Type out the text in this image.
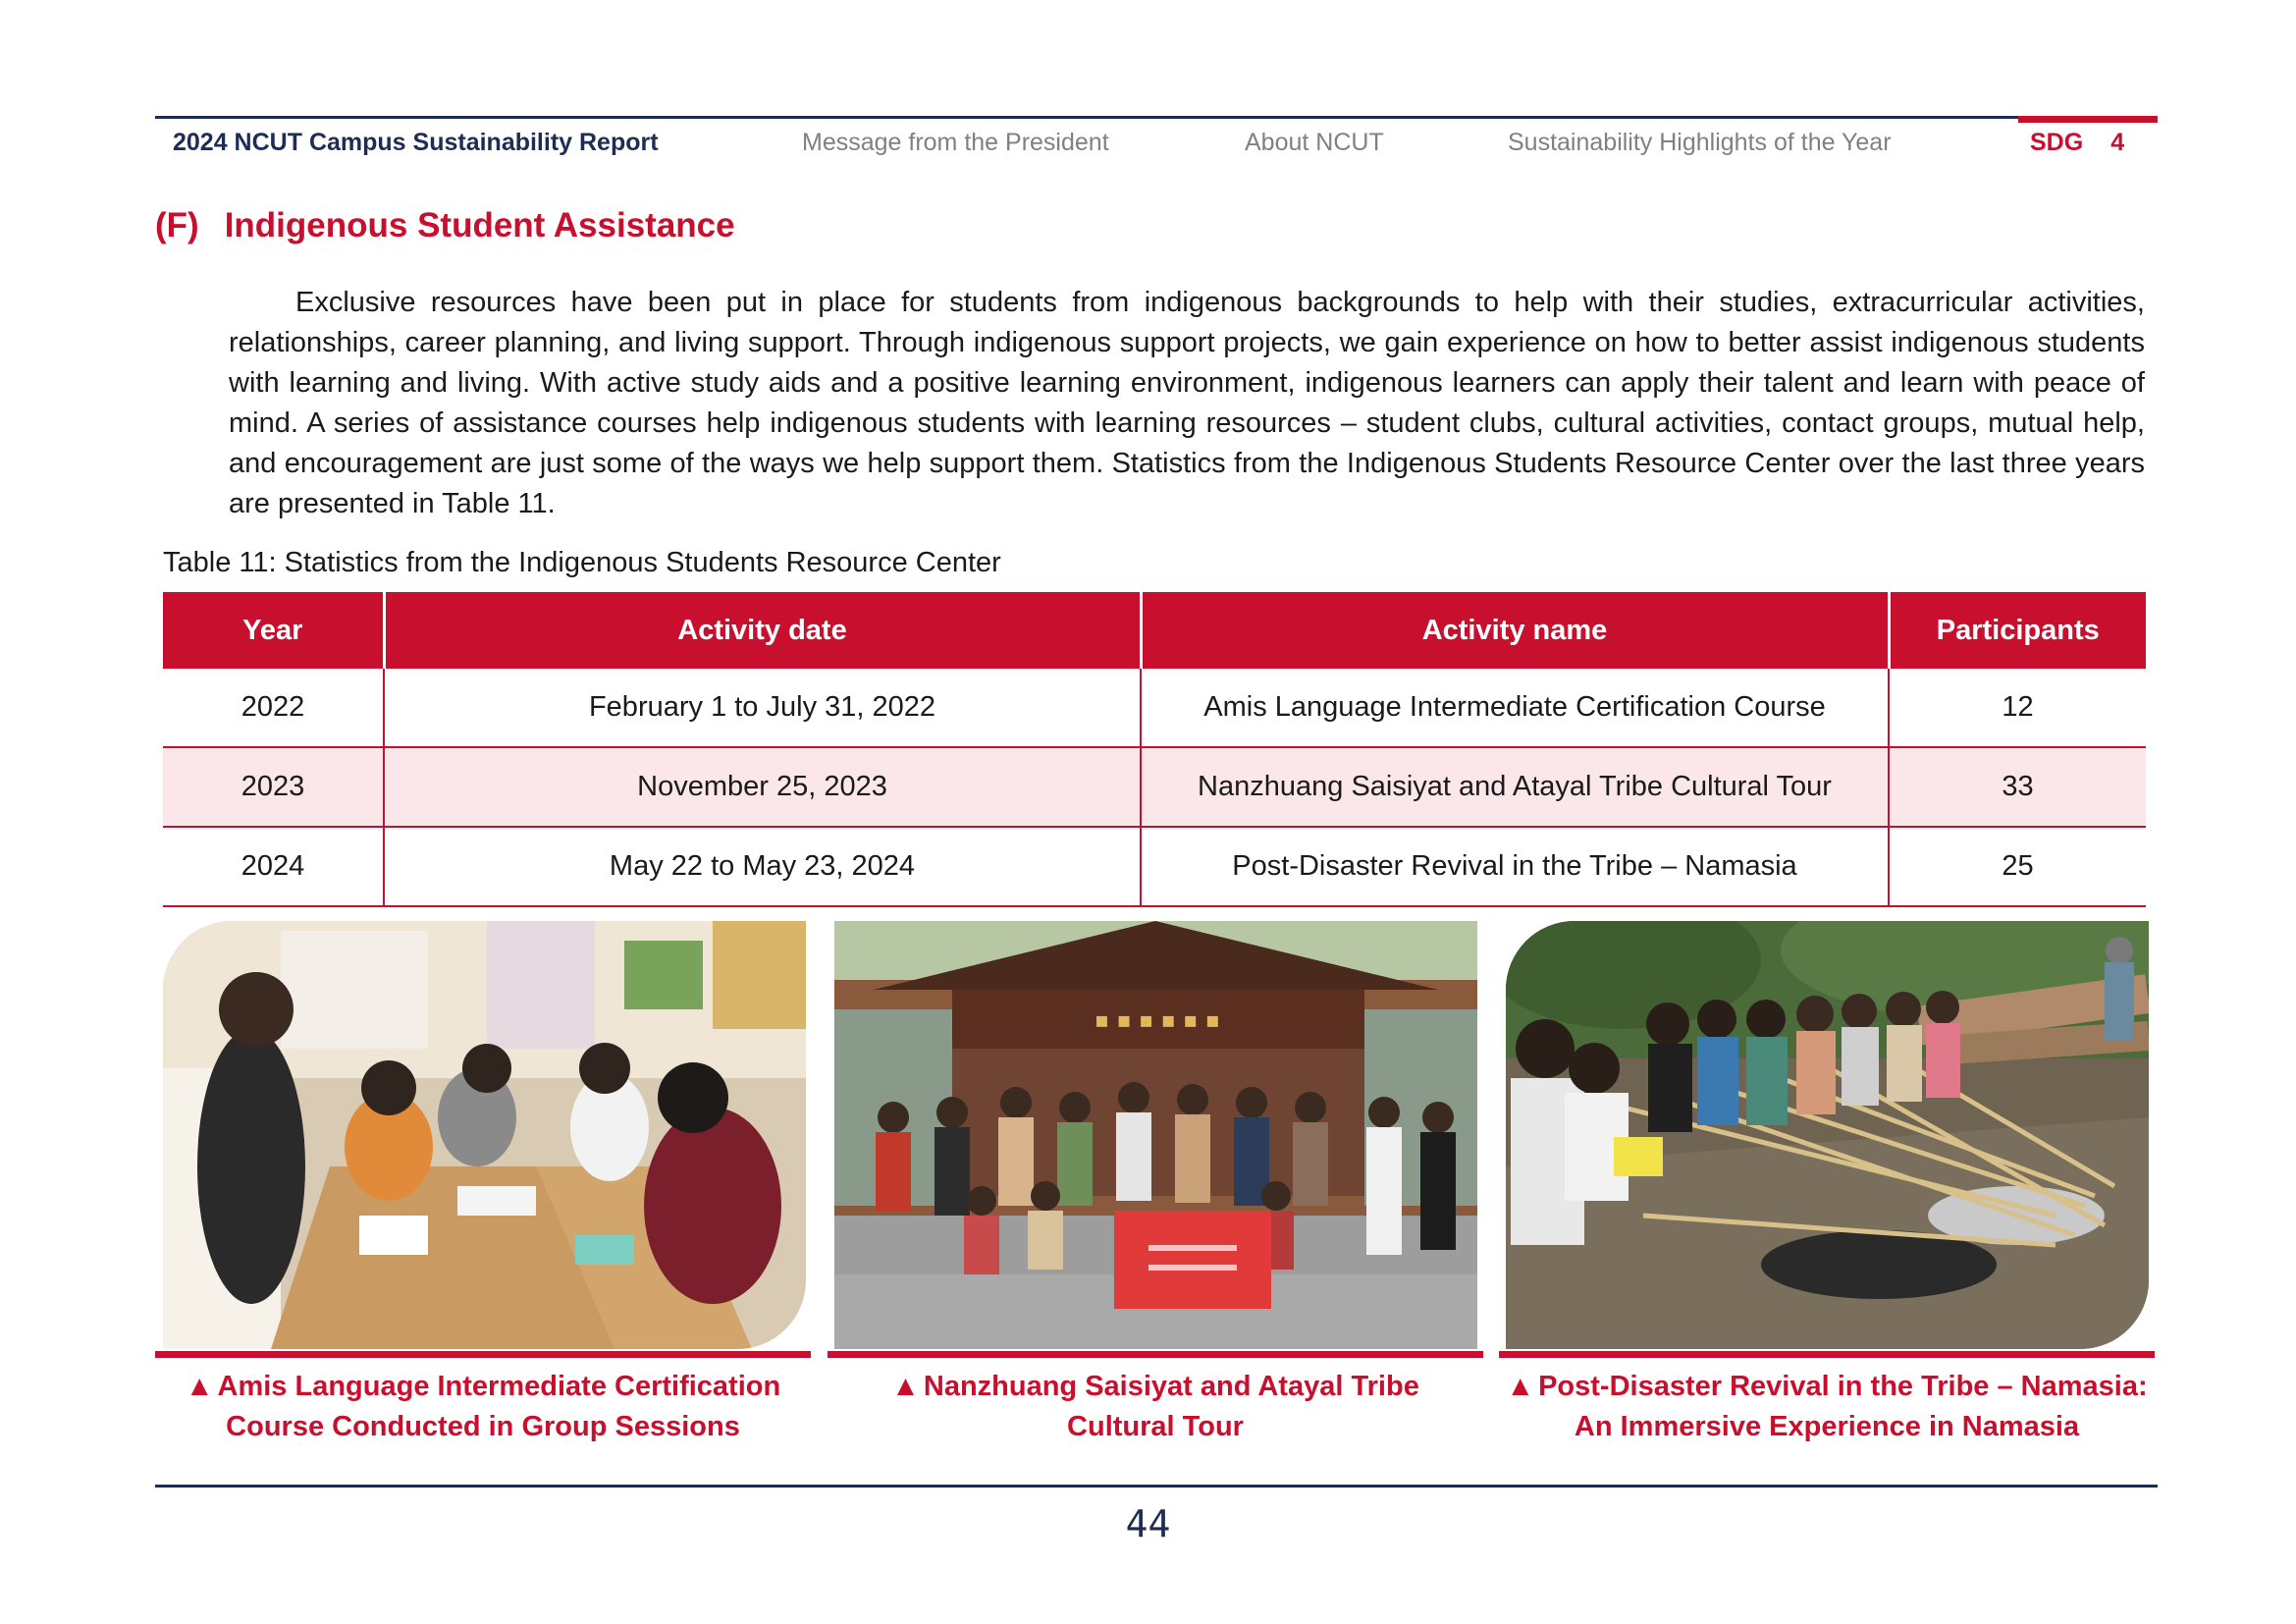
2024 NCUT Campus Sustainability Report	Message from the President	About NCUT	Sustainability Highlights of the Year	SDG 4
(F) Indigenous Student Assistance
Exclusive resources have been put in place for students from indigenous backgrounds to help with their studies, extracurricular activities, relationships, career planning, and living support. Through indigenous support projects, we gain experience on how to better assist indigenous students with learning and living. With active study aids and a positive learning environment, indigenous learners can apply their talent and learn with peace of mind. A series of assistance courses help indigenous students with learning resources – student clubs, cultural activities, contact groups, mutual help, and encouragement are just some of the ways we help support them. Statistics from the Indigenous Students Resource Center over the last three years are presented in Table 11.
Table 11: Statistics from the Indigenous Students Resource Center
Year	Activity date	Activity name	Participants
2022	February 1 to July 31, 2022	Amis Language Intermediate Certification Course	12
2023	November 25, 2023	Nanzhuang Saisiyat and Atayal Tribe Cultural Tour	33
2024	May 22 to May 23, 2024	Post-Disaster Revival in the Tribe – Namasia	25
▪ ▪ ▪ ▪ ▪ ▪
▲ Amis Language Intermediate Certification
Course Conducted in Group Sessions
▲ Nanzhuang Saisiyat and Atayal Tribe
Cultural Tour
▲ Post-Disaster Revival in the Tribe – Namasia:
An Immersive Experience in Namasia
44
